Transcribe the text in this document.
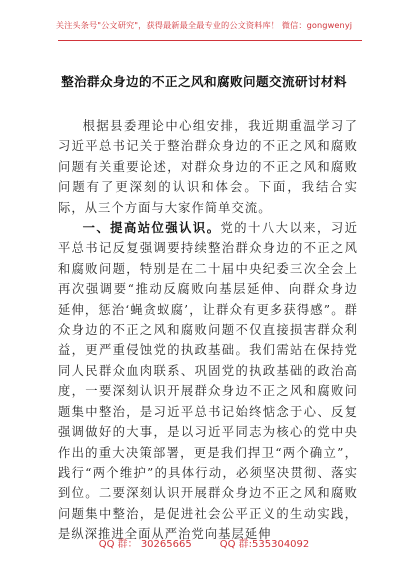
关注头条号"公文研究"，获得最新最全最专业的公文资料库！ 微信：gongwenyj
整治群众身边的不正之风和腐败问题交流研讨材料

根据县委理论中心组安排，我近期重温学习了习近平总书记关于整治群众身边的不正之风和腐败问题有关重要论述，对群众身边的不正之风和腐败问题有了更深刻的认识和体会。下面，我结合实际，从三个方面与大家作简单交流。

一、提高站位强认识。党的十八大以来，习近平总书记反复强调要持续整治群众身边的不正之风和腐败问题，特别是在二十届中央纪委三次全会上再次强调要“推动反腐败向基层延伸、向群众身边延伸，惩治‘蝇贪蚁腐’，让群众有更多获得感”。群众身边的不正之风和腐败问题不仅直接损害群众利益，更严重侵蚀党的执政基础。我们需站在保持党同人民群众血肉联系、巩固党的执政基础的政治高度，一要深刻认识开展群众身边不正之风和腐败问题集中整治，是习近平总书记始终惦念于心、反复强调做好的大事，是以习近平同志为核心的党中央作出的重大决策部署，更是我们捍卫“两个确立”，践行“两个维护”的具体行动，必须坚决贯彻、落实到位。二要深刻认识开展群众身边不正之风和腐败问题集中整治，是促进社会公平正义的生动实践，是纵深推进全面从严治党向基层延伸

QQ 群： 30265665	QQ 群:535304092
